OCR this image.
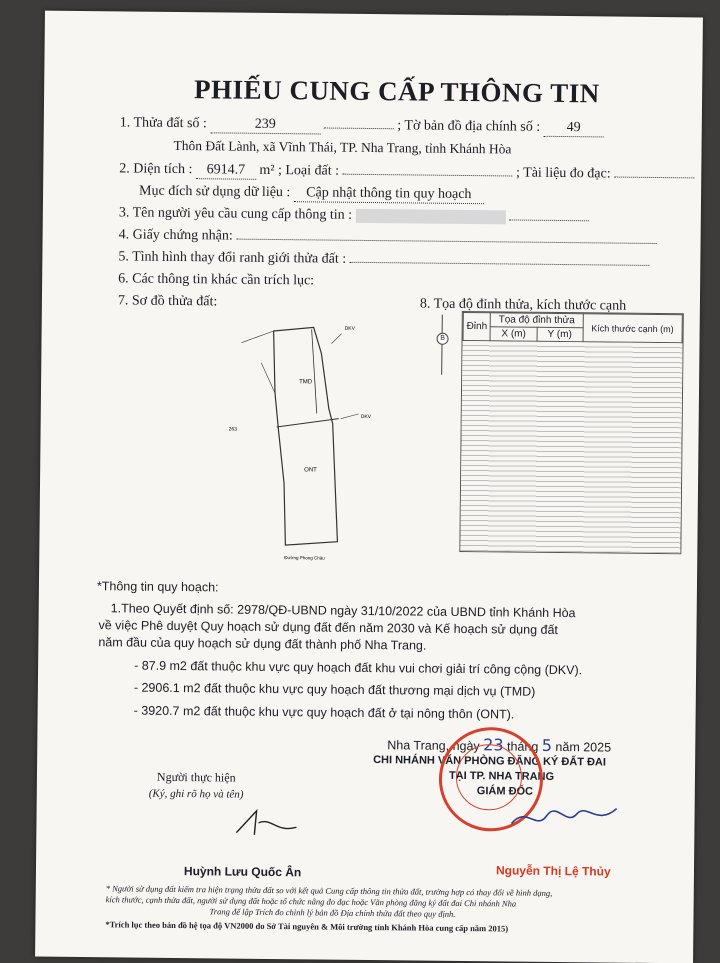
PHIẾU CUNG CẤP THÔNG TIN
1. Thửa đất số :	239	; Tờ bản đồ địa chính số : 49
Thôn Đất Lành, xã Vĩnh Thái, TP. Nha Trang, tỉnh Khánh Hòa
2. Diện tích : 6914.7 m² ; Loại đất :	; Tài liệu đo đạc:
Mục đích sử dụng dữ liệu : Cập nhật thông tin quy hoạch
3. Tên người yêu cầu cung cấp thông tin :
4. Giấy chứng nhận:
5. Tình hình thay đổi ranh giới thửa đất :
6. Các thông tin khác cần trích lục:
7. Sơ đồ thửa đất:	8. Tọa độ đỉnh thửa, kích thước cạnh
TMD
ONT
DKV
DKV
263
Đường Phong Châu
B
Đỉnh	Tọa độ đỉnh thửa		Kích thước cạnh (m)
	X (m)	Y (m)	
*Thông tin quy hoạch:
1.Theo Quyết định số: 2978/QĐ-UBND ngày 31/10/2022 của UBND tỉnh Khánh Hòa
về việc Phê duyệt Quy hoạch sử dụng đất đến năm 2030 và Kế hoạch sử dụng đất
năm đầu của quy hoạch sử dụng đất thành phố Nha Trang.
- 87.9 m2 đất thuộc khu vực quy hoạch đất khu vui chơi giải trí công cộng (DKV).
- 2906.1 m2 đất thuộc khu vực quy hoạch đất thương mại dịch vụ (TMD)
- 3920.7 m2 đất thuộc khu vực quy hoạch đất ở tại nông thôn (ONT).
Nha Trang, ngày 23 tháng 5 năm 2025
CHI NHÁNH VĂN PHÒNG ĐĂNG KÝ ĐẤT ĐAI
TẠI TP. NHA TRANG
GIÁM ĐỐC
Người thực hiện
(Ký, ghi rõ họ và tên)
Huỳnh Lưu Quốc Ân	Nguyễn Thị Lệ Thủy
* Người sử dụng đất kiểm tra hiện trạng thửa đất so với kết quả Cung cấp thông tin thửa đất, trường hợp có thay đổi về hình dạng,
kích thước, cạnh thửa đất, người sử dụng đất hoặc tổ chức nâng đo đạc hoặc Văn phòng đăng ký đất đai Chi nhánh Nha
Trang để lập Trích đo chỉnh lý bản đồ Địa chính thửa đất theo quy định.
*Trích lục theo bản đồ hệ tọa độ VN2000 do Sở Tài nguyên & Môi trường tỉnh Khánh Hòa cung cấp năm 2015)
